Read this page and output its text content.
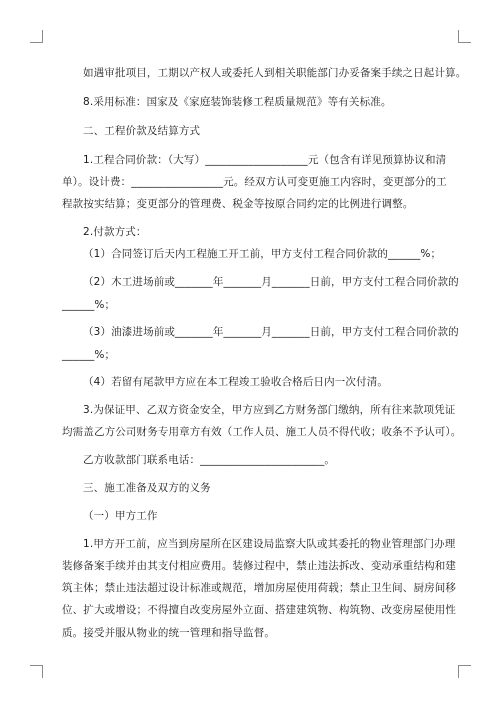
如遇审批项目，工期以产权人或委托人到相关职能部门办妥备案手续之日起计算。
8.采用标准：国家及《家庭装饰装修工程质量规范》等有关标准。
二、工程价款及结算方式
1.工程合同价款：（大写）___________________元（包含有详见预算协议和清
单）。设计费：_________________元。经双方认可变更施工内容时，变更部分的工
程款按实结算；变更部分的管理费、税金等按原合同约定的比例进行调整。
2.付款方式：
（1）合同签订后天内工程施工开工前，甲方支付工程合同价款的______%；
（2）木工进场前或_______年_______月_______日前，甲方支付工程合同价款的
______%；
（3）油漆进场前或_______年_______月_______日前，甲方支付工程合同价款的
______%；
（4）若留有尾款甲方应在本工程竣工验收合格后日内一次付清。
3.为保证甲、乙双方资金安全，甲方应到乙方财务部门缴纳，所有往来款项凭证
均需盖乙方公司财务专用章方有效（工作人员、施工人员不得代收；收条不予认可）。
乙方收款部门联系电话：_______________________。
三、施工准备及双方的义务
（一）甲方工作
1.甲方开工前，应当到房屋所在区建设局监察大队或其委托的物业管理部门办理
装修备案手续并由其支付相应费用。装修过程中，禁止违法拆改、变动承重结构和建
筑主体；禁止违法超过设计标准或规范，增加房屋使用荷载；禁止卫生间、厨房间移
位、扩大或增设；不得擅自改变房屋外立面、搭建建筑物、构筑物、改变房屋使用性
质。接受并服从物业的统一管理和指导监督。
